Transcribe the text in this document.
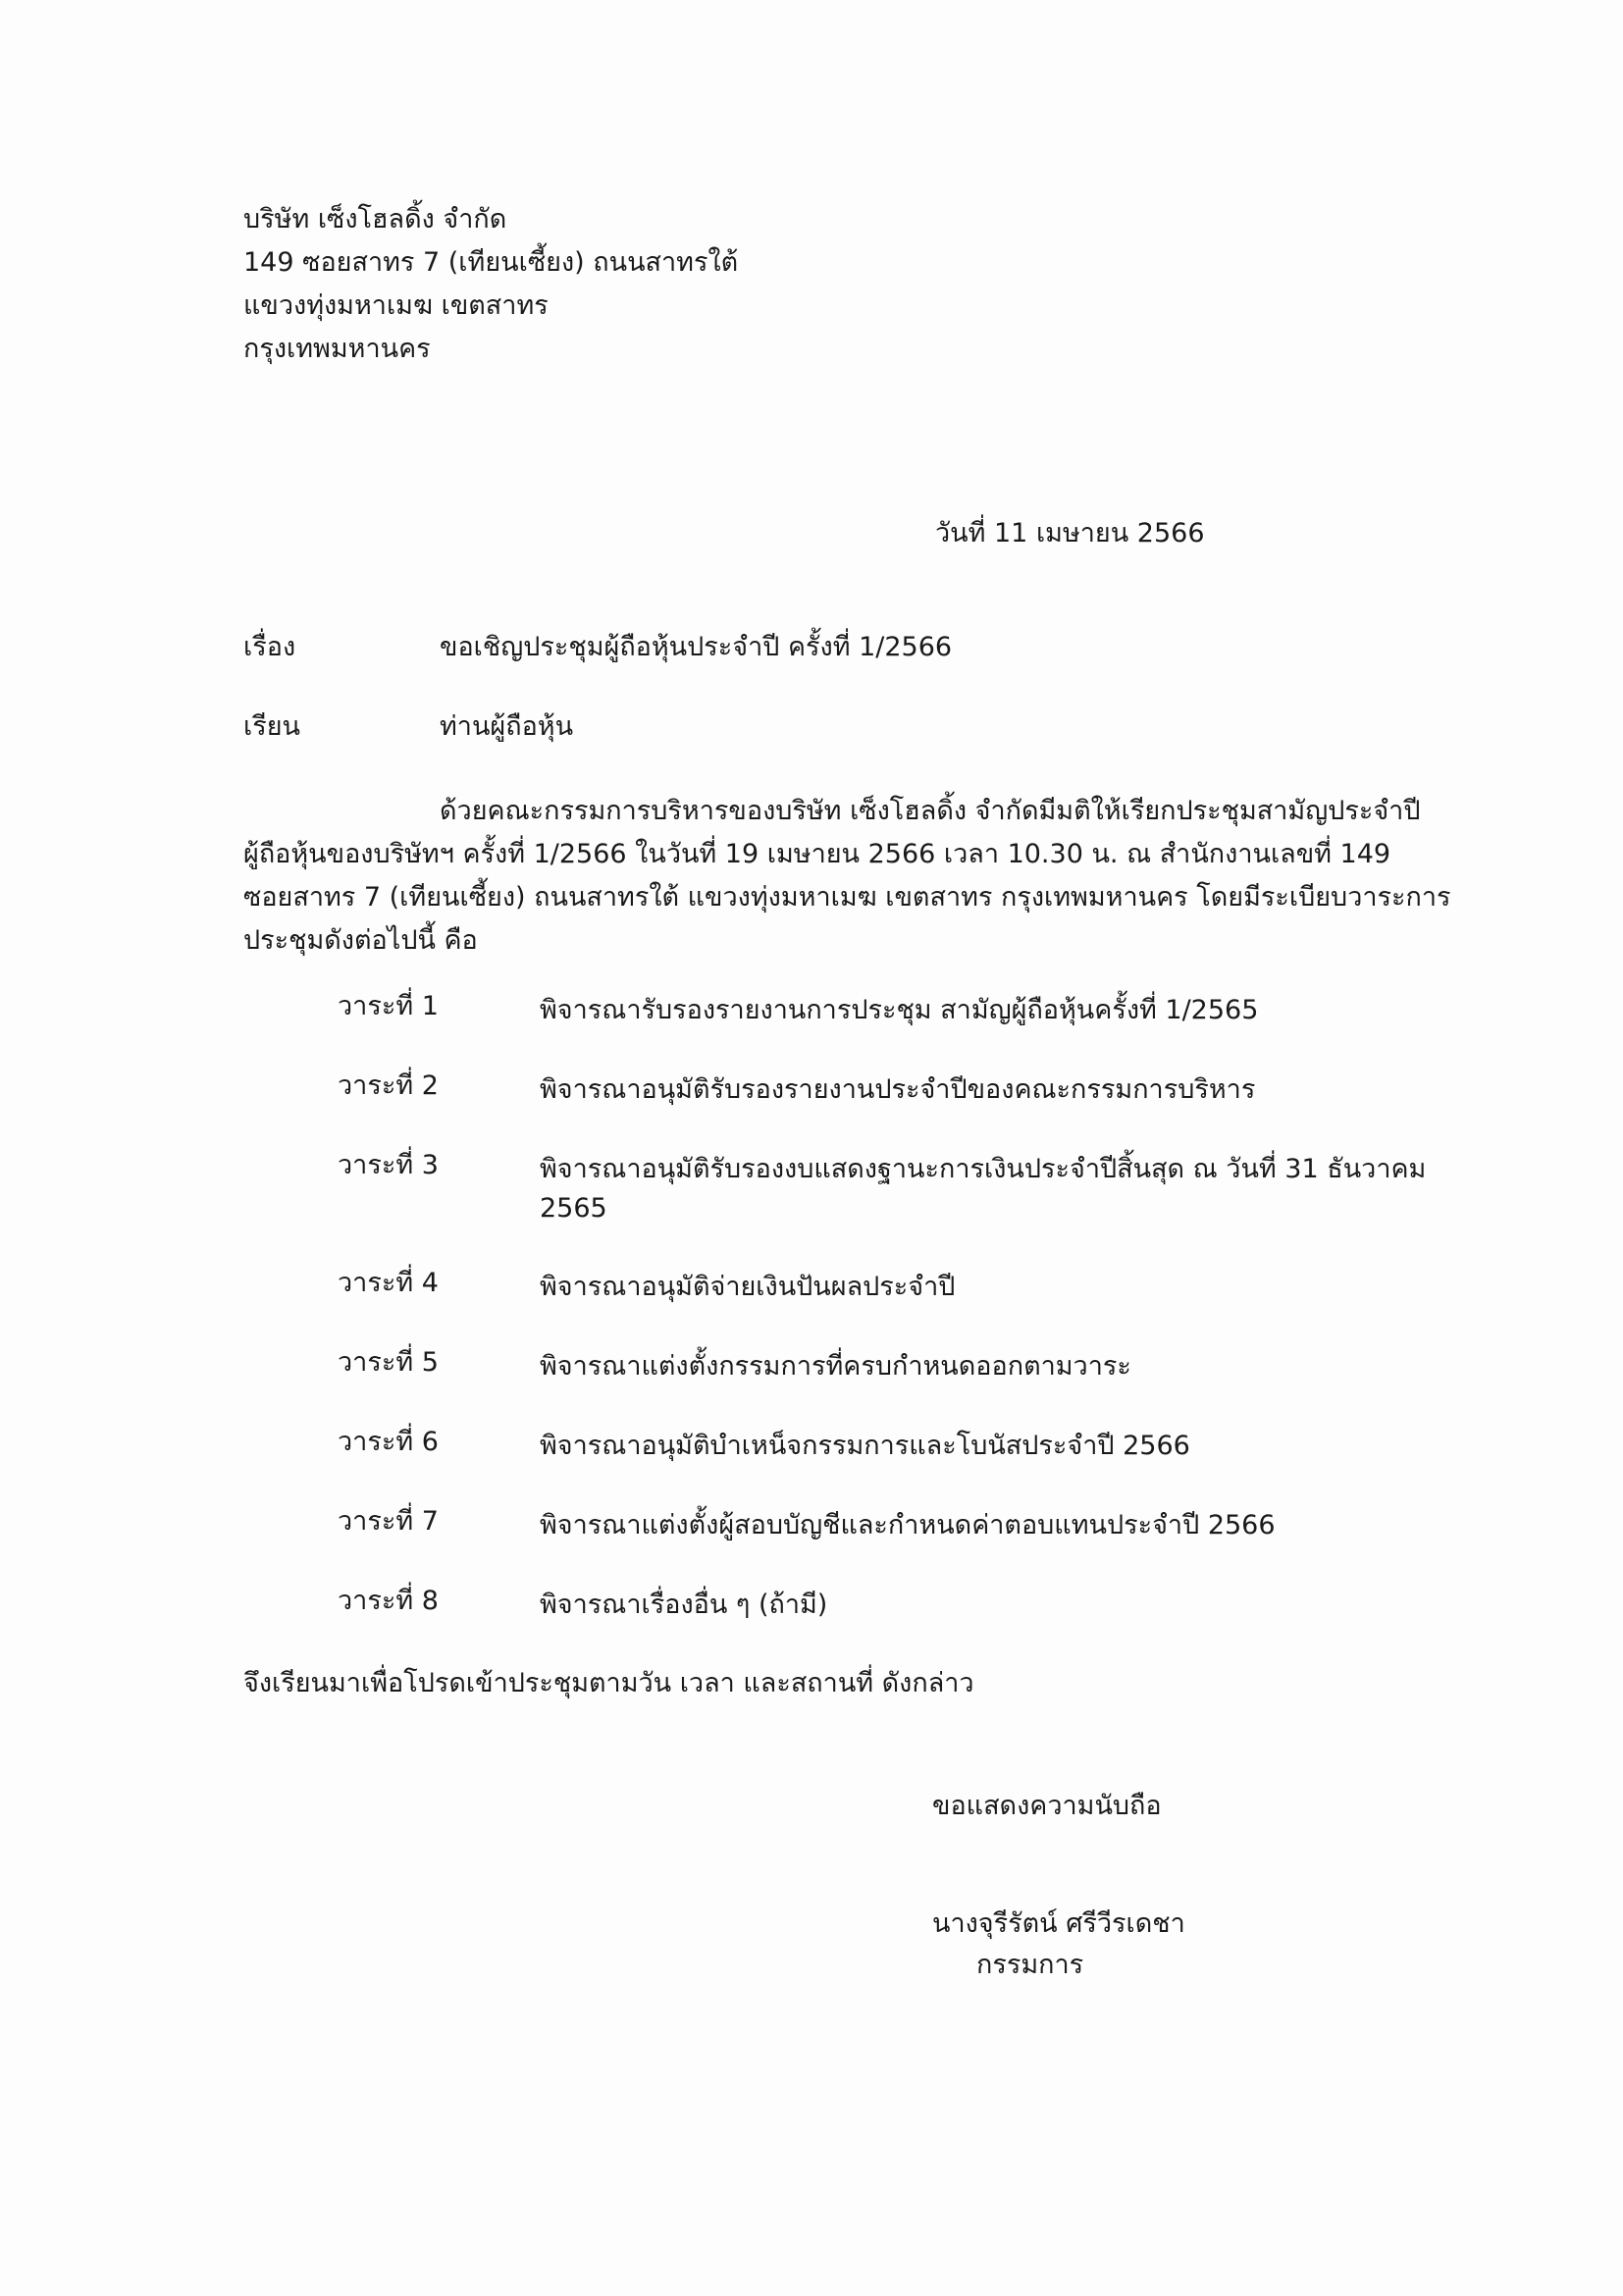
บริษัท เซ็งโฮลดิ้ง จำกัด
149 ซอยสาทร 7 (เทียนเซี้ยง) ถนนสาทรใต้
แขวงทุ่งมหาเมฆ เขตสาทร
กรุงเทพมหานคร
วันที่ 11 เมษายน 2566
เรื่อง	ขอเชิญประชุมผู้ถือหุ้นประจำปี ครั้งที่ 1/2566
เรียน	ท่านผู้ถือหุ้น
ด้วยคณะกรรมการบริหารของบริษัท เซ็งโฮลดิ้ง จำกัดมีมติให้เรียกประชุมสามัญประจำปี
ผู้ถือหุ้นของบริษัทฯ ครั้งที่ 1/2566 ในวันที่ 19 เมษายน 2566 เวลา 10.30 น. ณ สำนักงานเลขที่ 149
ซอยสาทร 7 (เทียนเซี้ยง) ถนนสาทรใต้ แขวงทุ่งมหาเมฆ เขตสาทร กรุงเทพมหานคร โดยมีระเบียบวาระการ
ประชุมดังต่อไปนี้ คือ
วาระที่ 1	พิจารณารับรองรายงานการประชุม สามัญผู้ถือหุ้นครั้งที่ 1/2565
วาระที่ 2	พิจารณาอนุมัติรับรองรายงานประจำปีของคณะกรรมการบริหาร
วาระที่ 3	พิจารณาอนุมัติรับรองงบแสดงฐานะการเงินประจำปีสิ้นสุด ณ วันที่ 31 ธันวาคม 2565
วาระที่ 4	พิจารณาอนุมัติจ่ายเงินปันผลประจำปี
วาระที่ 5	พิจารณาแต่งตั้งกรรมการที่ครบกำหนดออกตามวาระ
วาระที่ 6	พิจารณาอนุมัติบำเหน็จกรรมการและโบนัสประจำปี 2566
วาระที่ 7	พิจารณาแต่งตั้งผู้สอบบัญชีและกำหนดค่าตอบแทนประจำปี 2566
วาระที่ 8	พิจารณาเรื่องอื่น ๆ (ถ้ามี)
จึงเรียนมาเพื่อโปรดเข้าประชุมตามวัน เวลา และสถานที่ ดังกล่าว
ขอแสดงความนับถือ
นางจุรีรัตน์ ศรีวีรเดชา
กรรมการ
